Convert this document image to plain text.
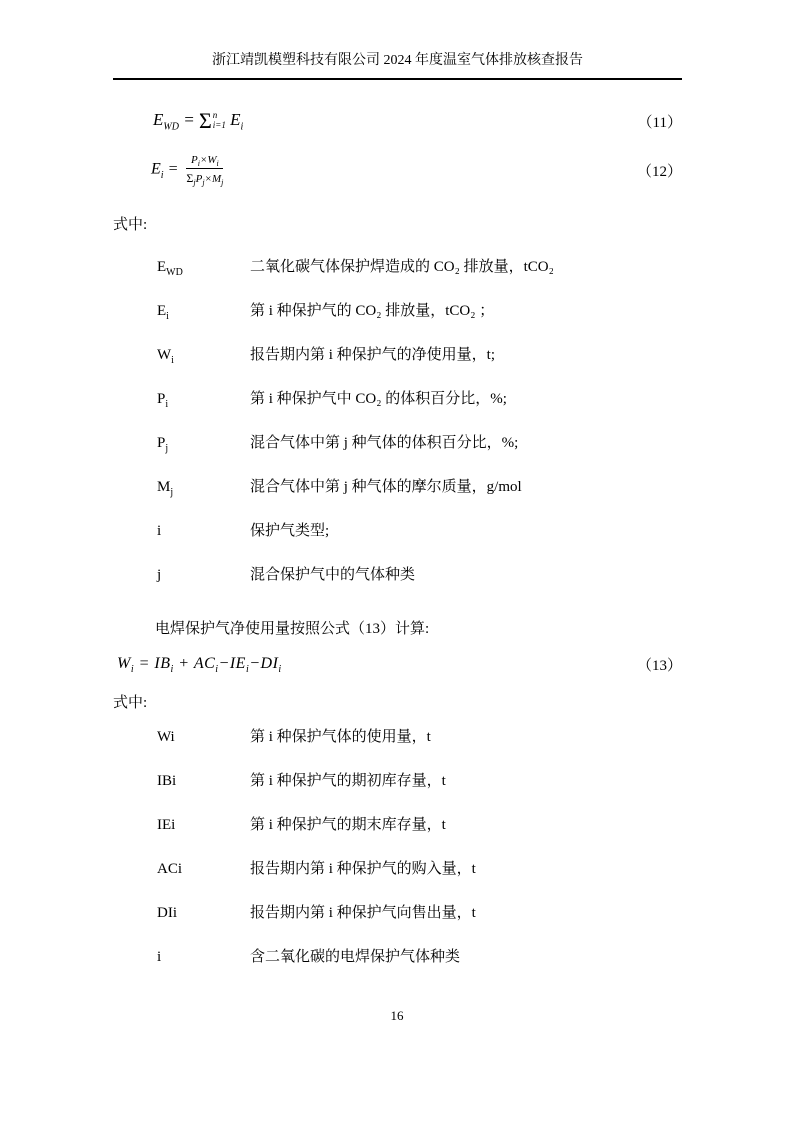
浙江靖凯模塑科技有限公司 2024 年度温室气体排放核查报告
$E_{WD} = \Sigma$ n
i=1 $E_i$	（11）
$E_i = \frac{P_i\times W_i}{\Sigma_jP_j\times M_j}$	（12）
式中:
$E_{WD}$	二氧化碳气体保护焊造成的 CO₂ 排放量，tCO₂
$E_i$	第 i 种保护气的 CO₂ 排放量，tCO₂ ；
$W_i$	报告期内第 i 种保护气的净使用量，t;
$P_i$	第 i 种保护气中 CO₂ 的体积百分比，%;
$P_j$	混合气体中第 j 种气体的体积百分比，%;
$M_j$	混合气体中第 j 种气体的摩尔质量，g/mol
i	保护气类型;
j	混合保护气中的气体种类
电焊保护气净使用量按照公式（13）计算:
$W_i = IB_i + AC_i-IE_i-DI_i$	（13）
式中:
Wi	第 i 种保护气体的使用量，t
IBi	第 i 种保护气的期初库存量，t
IEi	第 i 种保护气的期末库存量，t
ACi	报告期内第 i 种保护气的购入量，t
DIi	报告期内第 i 种保护气向售出量，t
i	含二氧化碳的电焊保护气体种类
16
